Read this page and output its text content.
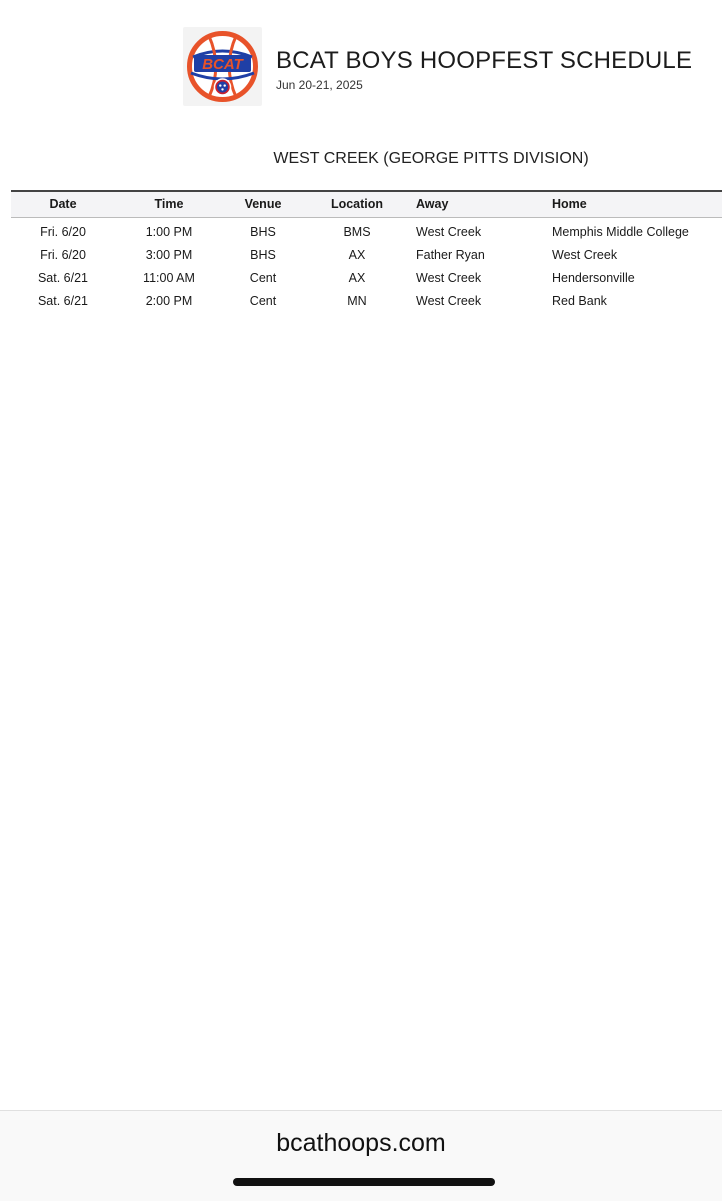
BCAT BCAT BOYS HOOPFEST SCHEDULE
Jun 20-21, 2025
WEST CREEK (GEORGE PITTS DIVISION)
Date	Time	Venue	Location	Away	Home
Fri. 6/20	1:00 PM	BHS	BMS	West Creek	Memphis Middle College
Fri. 6/20	3:00 PM	BHS	AX	Father Ryan	West Creek
Sat. 6/21	11:00 AM	Cent	AX	West Creek	Hendersonville
Sat. 6/21	2:00 PM	Cent	MN	West Creek	Red Bank
bcathoops.com
